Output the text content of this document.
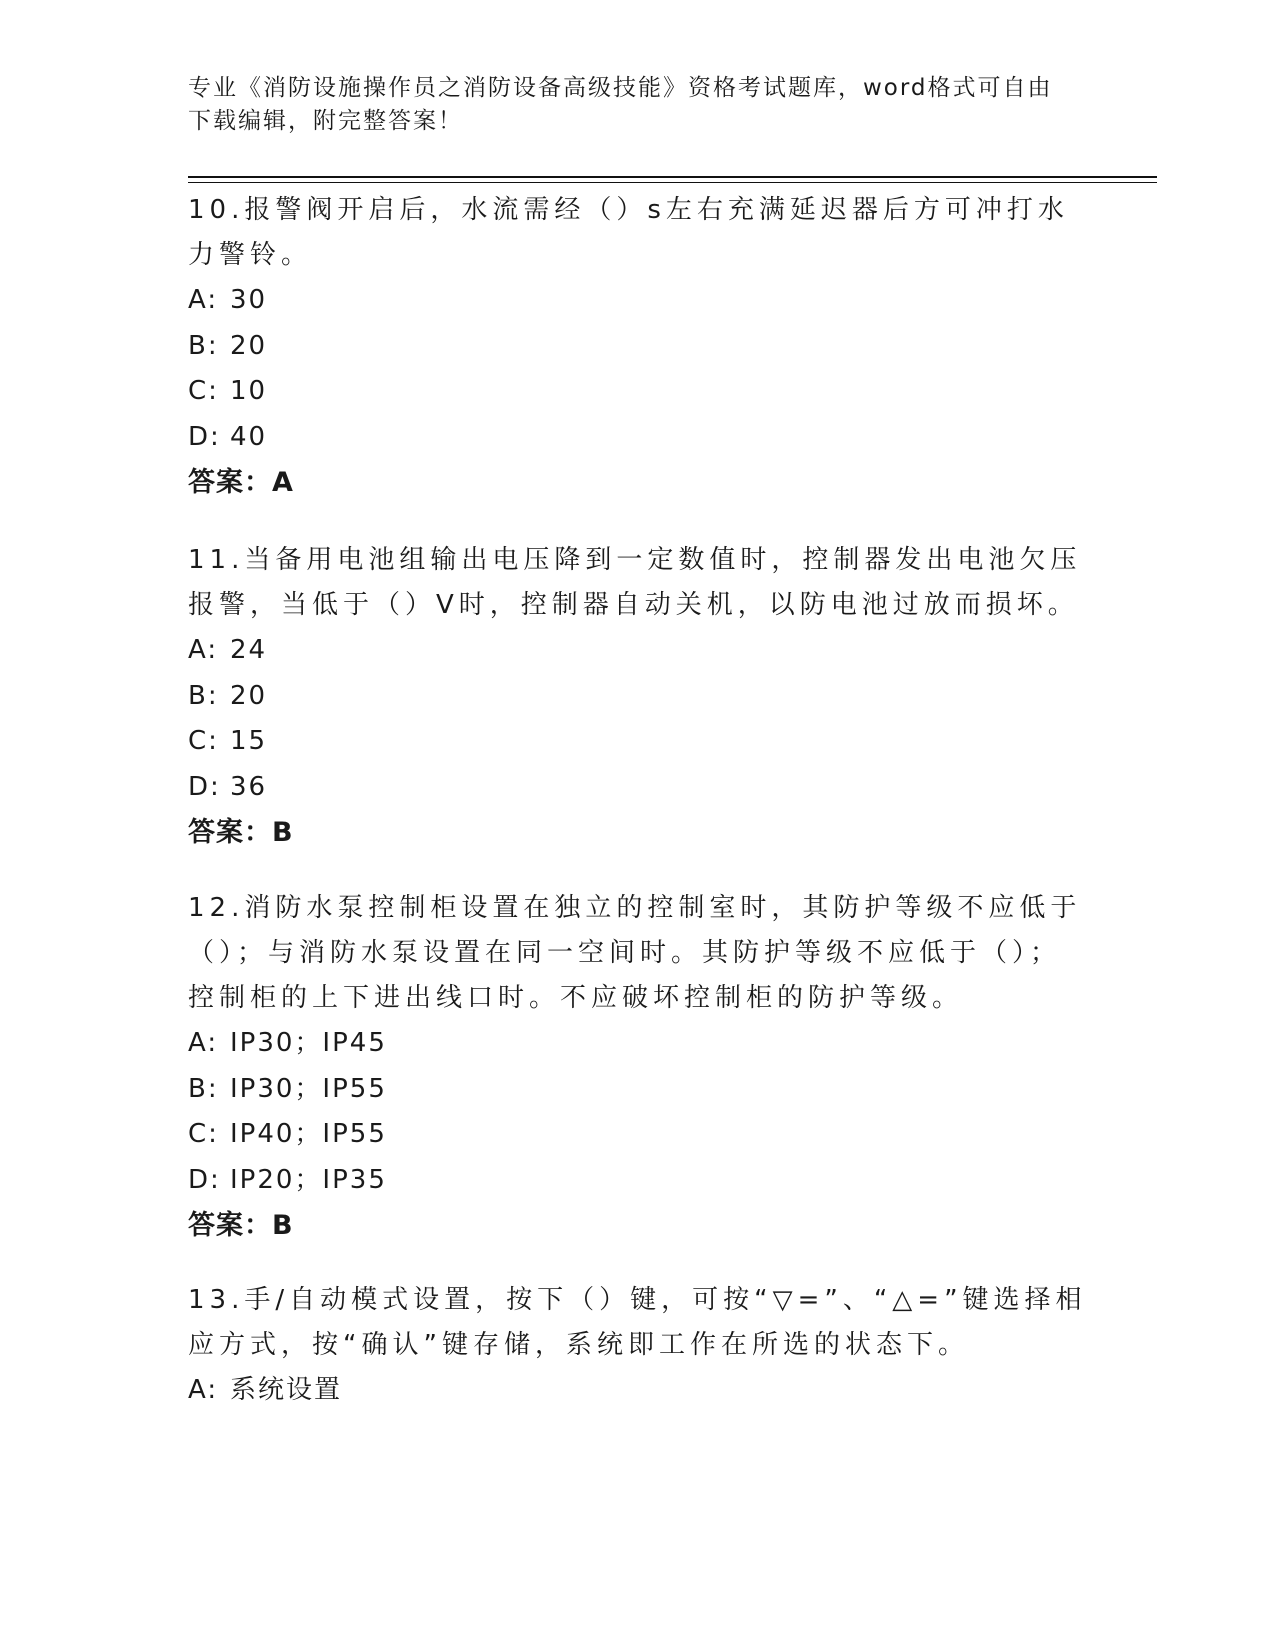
专业《消防设施操作员之消防设备高级技能》资格考试题库，word格式可自由下载编辑，附完整答案！
10.报警阀开启后，水流需经（）s左右充满延迟器后方可冲打水力警铃。
A: 30
B: 20
C: 10
D: 40
答案：A
11.当备用电池组输出电压降到一定数值时，控制器发出电池欠压报警，当低于（）V时，控制器自动关机，以防电池过放而损坏。
A: 24
B: 20
C: 15
D: 36
答案：B
12.消防水泵控制柜设置在独立的控制室时，其防护等级不应低于（）；与消防水泵设置在同一空间时。其防护等级不应低于（）；控制柜的上下进出线口时。不应破坏控制柜的防护等级。
A: IP30；IP45
B: IP30；IP55
C: IP40；IP55
D: IP20；IP35
答案：B
13.手/自动模式设置，按下（）键，可按“▽=”、“△=”键选择相应方式，按“确认”键存储，系统即工作在所选的状态下。
A: 系统设置
